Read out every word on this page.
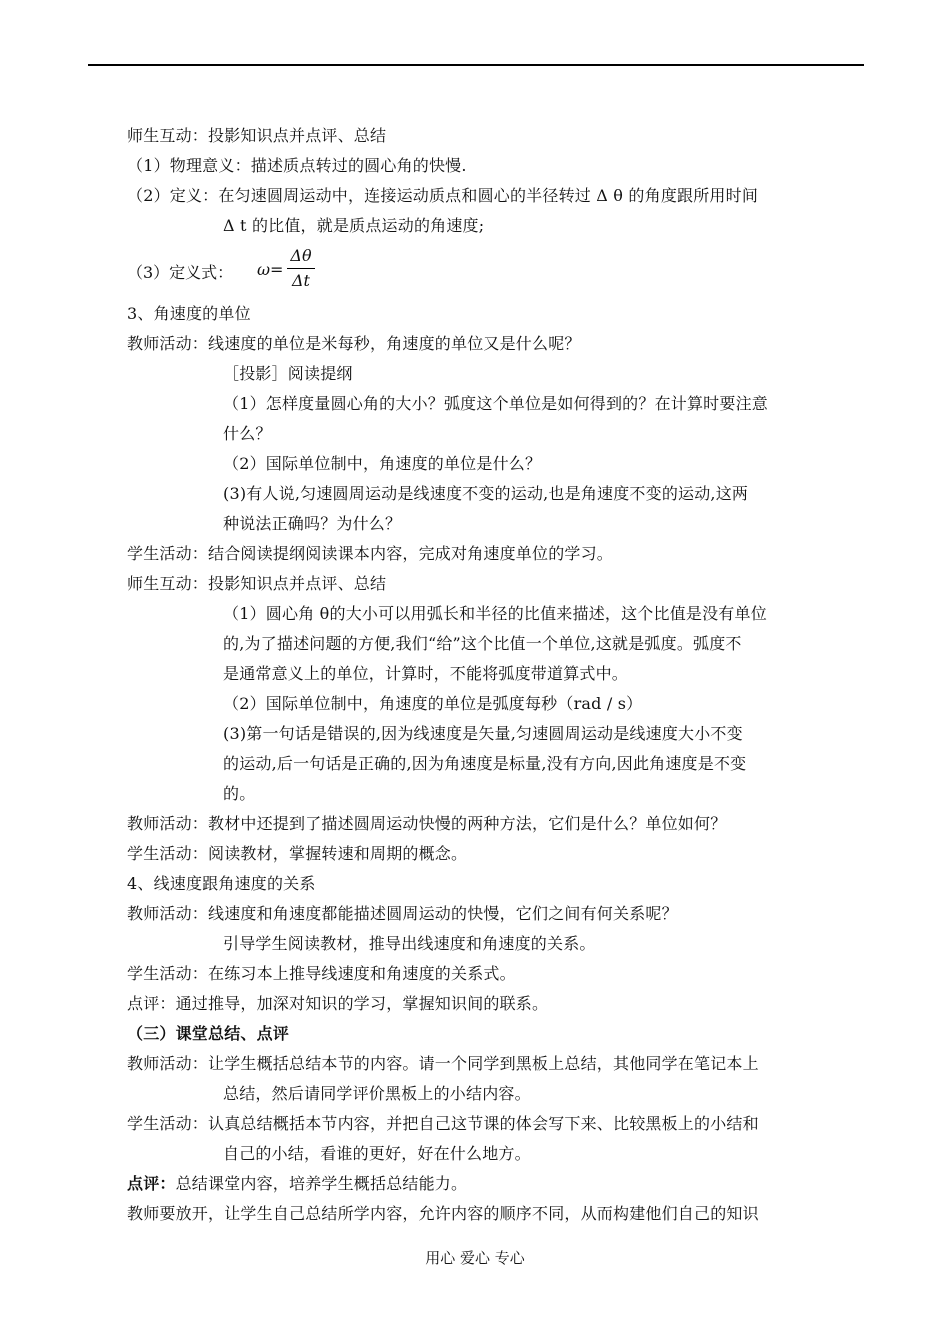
师生互动：投影知识点并点评、总结
（1）物理意义：描述质点转过的圆心角的快慢.
（2）定义：在匀速圆周运动中，连接运动质点和圆心的半径转过 Δ θ 的角度跟所用时间
Δ t 的比值，就是质点运动的角速度;
（3）定义式： ω=
Δθ
Δt
3、角速度的单位
教师活动：线速度的单位是米每秒，角速度的单位又是什么呢？
［投影］阅读提纲
（1）怎样度量圆心角的大小？弧度这个单位是如何得到的？在计算时要注意
什么？
（2）国际单位制中，角速度的单位是什么？
(3)有人说,匀速圆周运动是线速度不变的运动,也是角速度不变的运动,这两
种说法正确吗？为什么？
学生活动：结合阅读提纲阅读课本内容，完成对角速度单位的学习。
师生互动：投影知识点并点评、总结
（1）圆心角 θ的大小可以用弧长和半径的比值来描述，这个比值是没有单位
的,为了描述问题的方便,我们“给”这个比值一个单位,这就是弧度。弧度不
是通常意义上的单位，计算时，不能将弧度带道算式中。
（2）国际单位制中，角速度的单位是弧度每秒（rad / s）
(3)第一句话是错误的,因为线速度是矢量,匀速圆周运动是线速度大小不变
的运动,后一句话是正确的,因为角速度是标量,没有方向,因此角速度是不变
的。
教师活动：教材中还提到了描述圆周运动快慢的两种方法，它们是什么？单位如何？
学生活动：阅读教材，掌握转速和周期的概念。
4、线速度跟角速度的关系
教师活动：线速度和角速度都能描述圆周运动的快慢，它们之间有何关系呢？
引导学生阅读教材，推导出线速度和角速度的关系。
学生活动：在练习本上推导线速度和角速度的关系式。
点评：通过推导，加深对知识的学习，掌握知识间的联系。
（三）课堂总结、点评
教师活动：让学生概括总结本节的内容。请一个同学到黑板上总结，其他同学在笔记本上
总结，然后请同学评价黑板上的小结内容。
学生活动：认真总结概括本节内容，并把自己这节课的体会写下来、比较黑板上的小结和
自己的小结，看谁的更好，好在什么地方。
点评：总结课堂内容，培养学生概括总结能力。
教师要放开，让学生自己总结所学内容，允许内容的顺序不同，从而构建他们自己的知识
用心 爱心 专心
